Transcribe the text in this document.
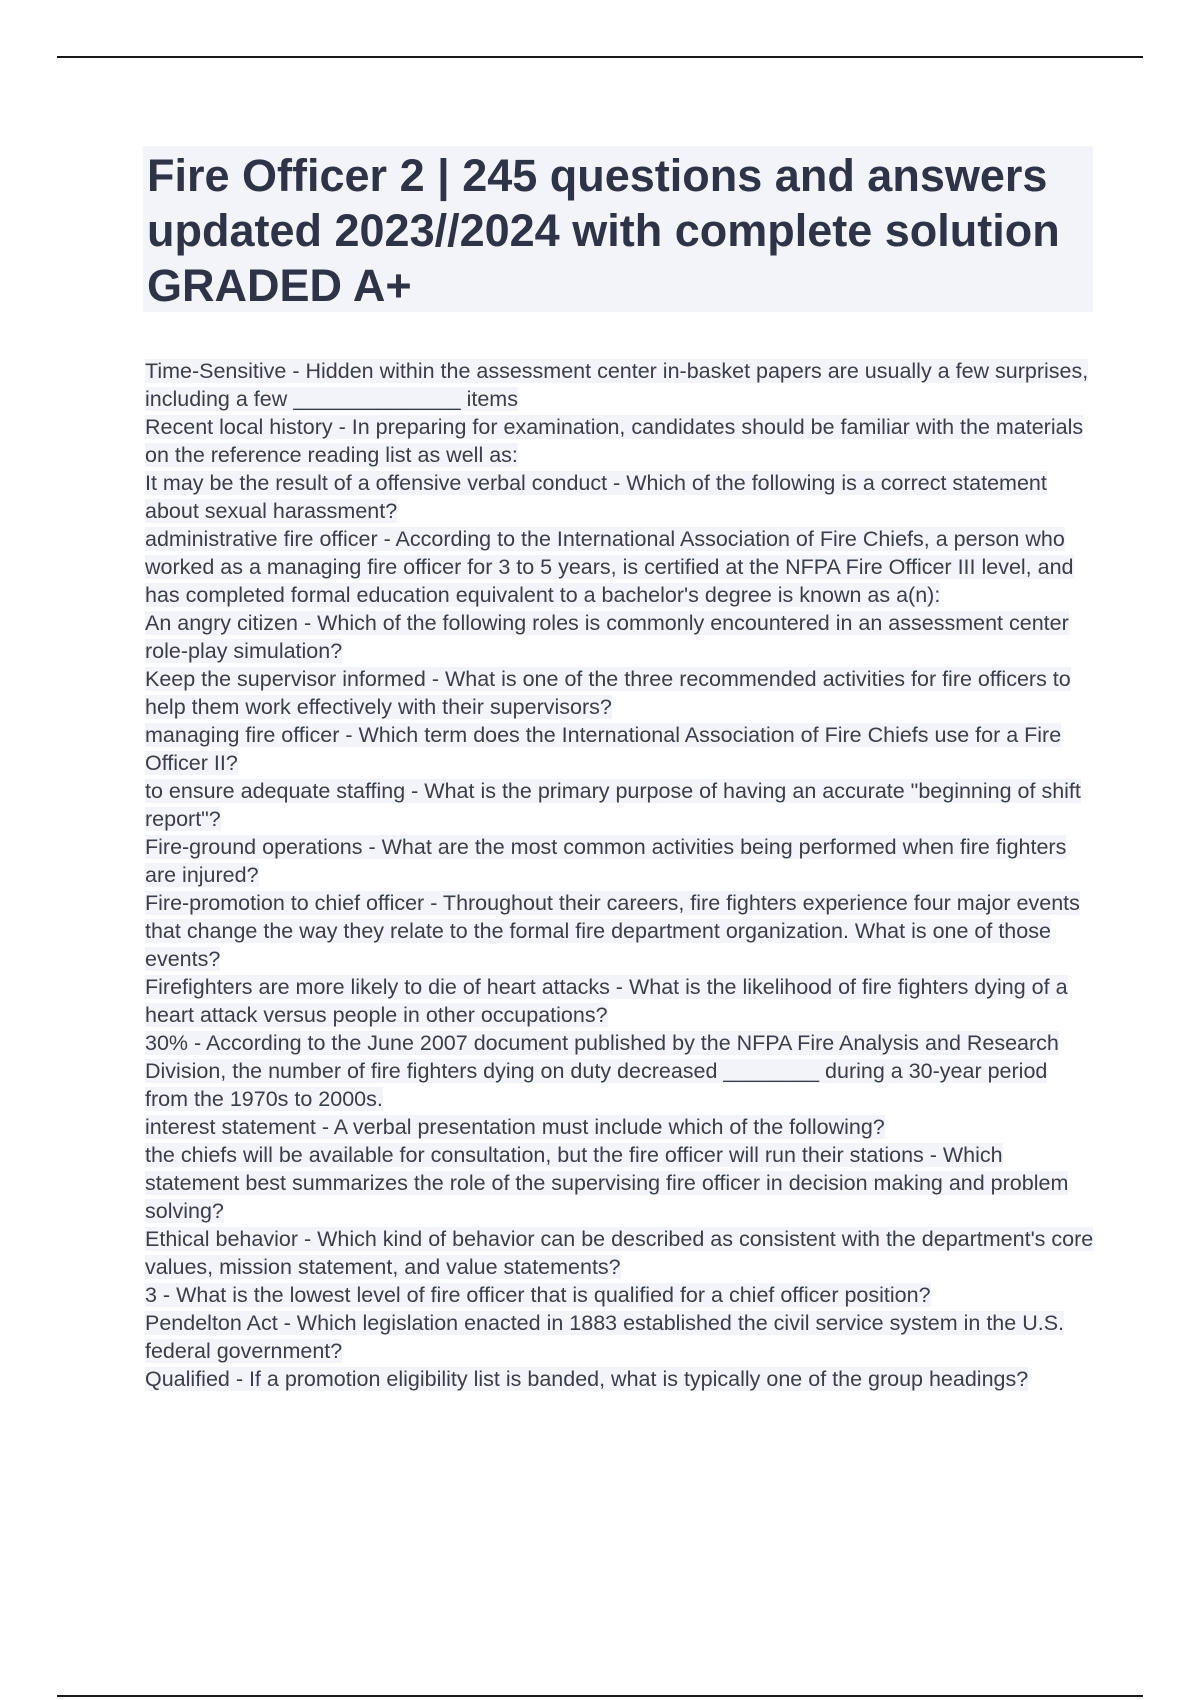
Fire Officer 2 | 245 questions and answers updated 2023//2024 with complete solution GRADED A+
Time-Sensitive - Hidden within the assessment center in-basket papers are usually a few surprises, including a few ______________ items
Recent local history - In preparing for examination, candidates should be familiar with the materials on the reference reading list as well as:
It may be the result of a offensive verbal conduct - Which of the following is a correct statement about sexual harassment?
administrative fire officer - According to the International Association of Fire Chiefs, a person who worked as a managing fire officer for 3 to 5 years, is certified at the NFPA Fire Officer III level, and has completed formal education equivalent to a bachelor's degree is known as a(n):
An angry citizen - Which of the following roles is commonly encountered in an assessment center role-play simulation?
Keep the supervisor informed - What is one of the three recommended activities for fire officers to help them work effectively with their supervisors?
managing fire officer - Which term does the International Association of Fire Chiefs use for a Fire Officer II?
to ensure adequate staffing - What is the primary purpose of having an accurate "beginning of shift report"?
Fire-ground operations - What are the most common activities being performed when fire fighters are injured?
Fire-promotion to chief officer - Throughout their careers, fire fighters experience four major events that change the way they relate to the formal fire department organization. What is one of those events?
Firefighters are more likely to die of heart attacks - What is the likelihood of fire fighters dying of a heart attack versus people in other occupations?
30% - According to the June 2007 document published by the NFPA Fire Analysis and Research Division, the number of fire fighters dying on duty decreased ________ during a 30-year period from the 1970s to 2000s.
interest statement - A verbal presentation must include which of the following?
the chiefs will be available for consultation, but the fire officer will run their stations - Which statement best summarizes the role of the supervising fire officer in decision making and problem solving?
Ethical behavior - Which kind of behavior can be described as consistent with the department's core values, mission statement, and value statements?
3 - What is the lowest level of fire officer that is qualified for a chief officer position?
Pendelton Act - Which legislation enacted in 1883 established the civil service system in the U.S. federal government?
Qualified - If a promotion eligibility list is banded, what is typically one of the group headings?
